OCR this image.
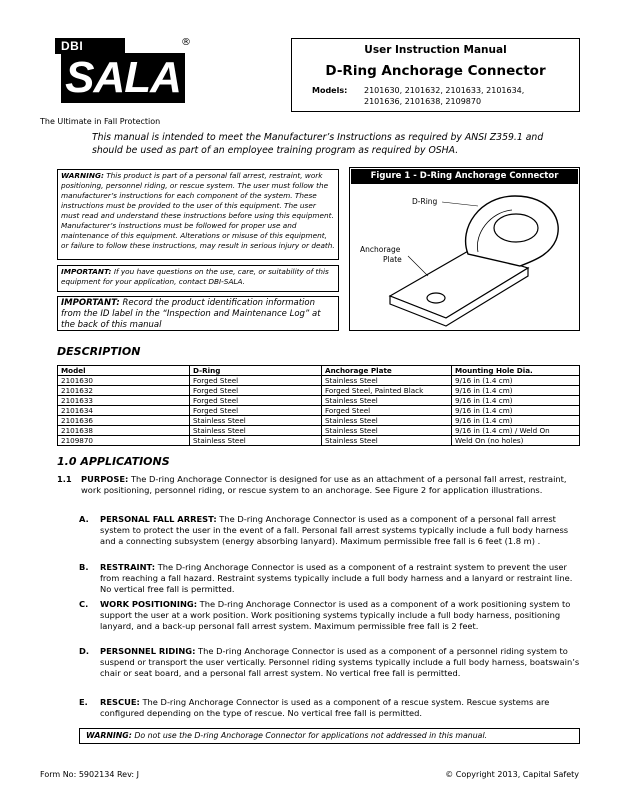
DBI	®
SALA
The Ultimate in Fall Protection
User Instruction Manual
D-Ring Anchorage Connector
Models:	2101630, 2101632, 2101633, 2101634, 2101636, 2101638, 2109870
This manual is intended to meet the Manufacturer’s Instructions as required by ANSI Z359.1 and should be used as part of an employee training program as required by OSHA.
WARNING: This product is part of a personal fall arrest, restraint, work positioning, personnel riding, or rescue system. The user must follow the manufacturer’s instructions for each component of the system. These instructions must be provided to the user of this equipment. The user must read and understand these instructions before using this equipment. Manufacturer’s instructions must be followed for proper use and maintenance of this equipment. Alterations or misuse of this equipment, or failure to follow these instructions, may result in serious injury or death.
IMPORTANT: If you have questions on the use, care, or suitability of this equipment for your application, contact DBI-SALA.
IMPORTANT: Record the product identification information from the ID label in the “Inspection and Maintenance Log” at the back of this manual
Figure 1 - D-Ring Anchorage Connector
D-Ring
Anchorage
Plate
DESCRIPTION
Model	D-Ring	Anchorage Plate	Mounting Hole Dia.
2101630	Forged Steel	Stainless Steel	9/16 in (1.4 cm)
2101632	Forged Steel	Forged Steel, Painted Black	9/16 in (1.4 cm)
2101633	Forged Steel	Stainless Steel	9/16 in (1.4 cm)
2101634	Forged Steel	Forged Steel	9/16 in (1.4 cm)
2101636	Stainless Steel	Stainless Steel	9/16 in (1.4 cm)
2101638	Stainless Steel	Stainless Steel	9/16 in (1.4 cm) / Weld On
2109870	Stainless Steel	Stainless Steel	Weld On (no holes)
1.0 APPLICATIONS
1.1	PURPOSE: The D-ring Anchorage Connector is designed for use as an attachment of a personal fall arrest, restraint, work positioning, personnel riding, or rescue system to an anchorage. See Figure 2 for application illustrations.
A.	PERSONAL FALL ARREST: The D-ring Anchorage Connector is used as a component of a personal fall arrest system to protect the user in the event of a fall. Personal fall arrest systems typically include a full body harness and a connecting subsystem (energy absorbing lanyard). Maximum permissible free fall is 6 feet (1.8 m) .
B.	RESTRAINT: The D-ring Anchorage Connector is used as a component of a restraint system to prevent the user from reaching a fall hazard. Restraint systems typically include a full body harness and a lanyard or restraint line. No vertical free fall is permitted.
C.	WORK POSITIONING: The D-ring Anchorage Connector is used as a component of a work positioning system to support the user at a work position. Work positioning systems typically include a full body harness, positioning lanyard, and a back-up personal fall arrest system. Maximum permissible free fall is 2 feet.
D.	PERSONNEL RIDING: The D-ring Anchorage Connector is used as a component of a personnel riding system to suspend or transport the user vertically. Personnel riding systems typically include a full body harness, boatswain’s chair or seat board, and a personal fall arrest system. No vertical free fall is permitted.
E.	RESCUE: The D-ring Anchorage Connector is used as a component of a rescue system. Rescue systems are configured depending on the type of rescue. No vertical free fall is permitted.
WARNING: Do not use the D-ring Anchorage Connector for applications not addressed in this manual.
Form No: 5902134 Rev: J	© Copyright 2013, Capital Safety
